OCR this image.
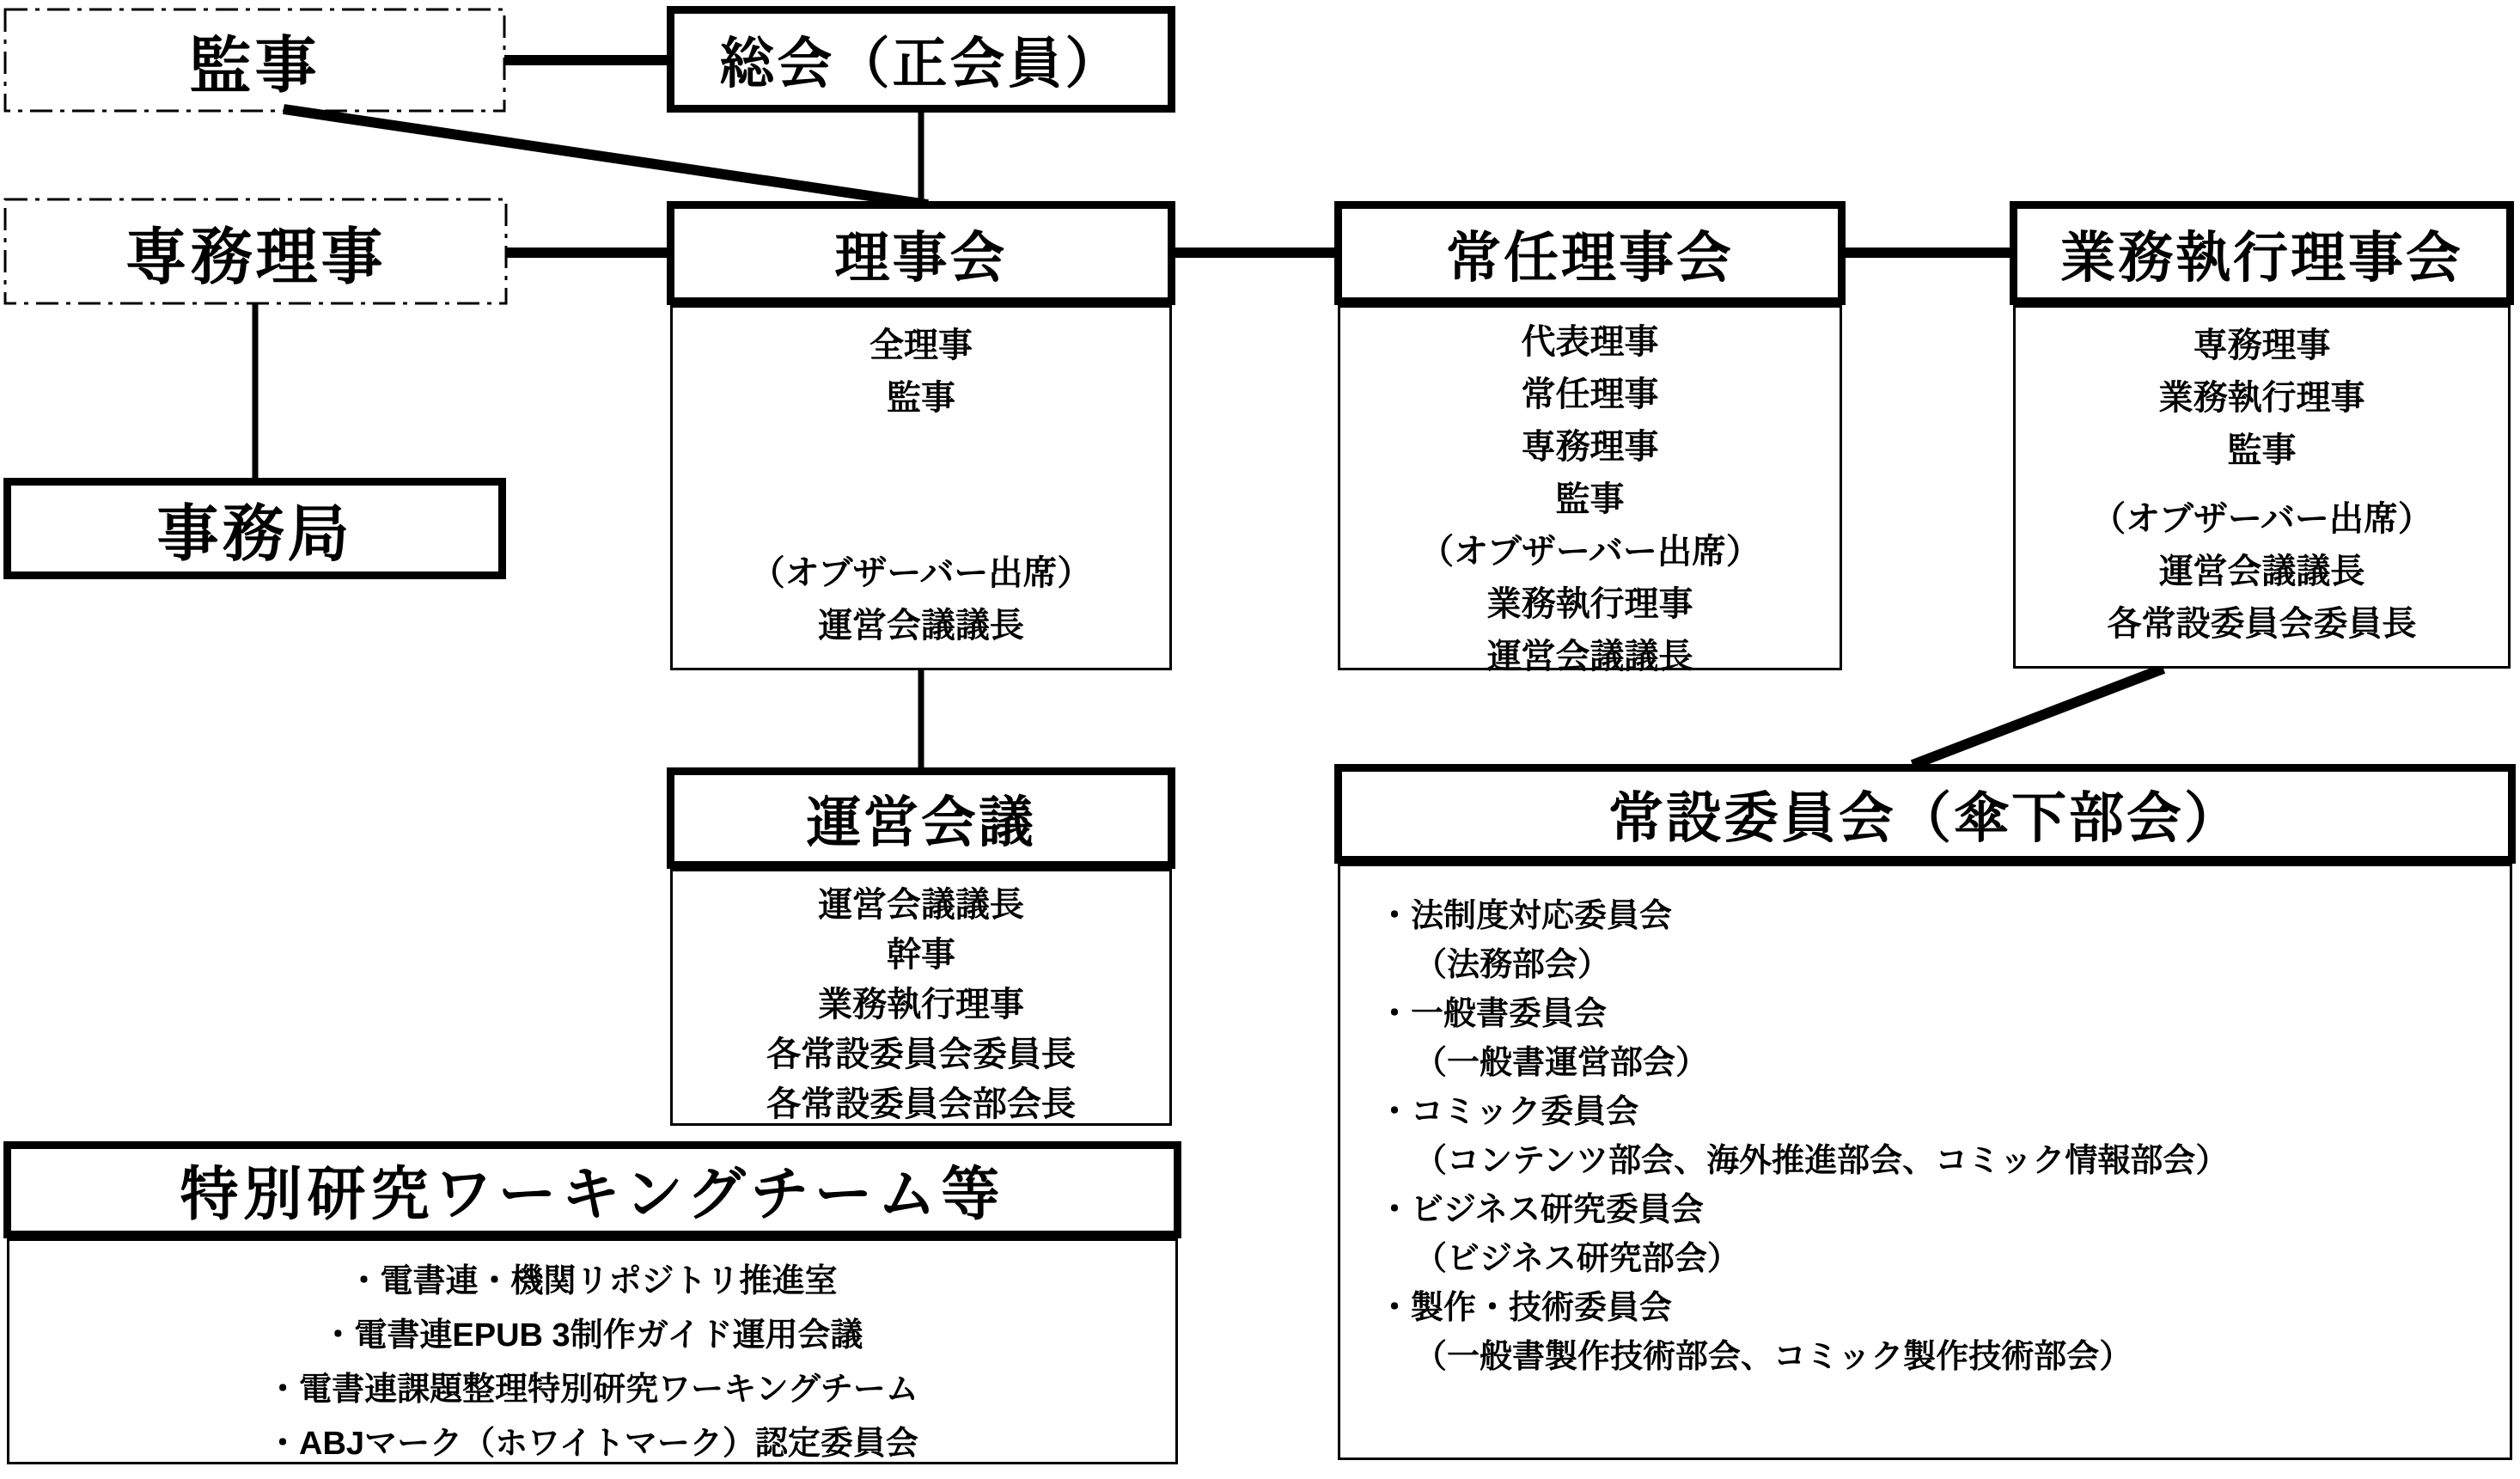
監事	総会（正会員）
専務理事
事務局
理事会
全理事
監事
（オブザーバー出席）
運営会議議長
常任理事会
代表理事
常任理事
専務理事
監事
（オブザーバー出席）
業務執行理事
運営会議議長
業務執行理事会
専務理事
業務執行理事
監事
（オブザーバー出席）
運営会議議長
各常設委員会委員長
運営会議
運営会議議長
幹事
業務執行理事
各常設委員会委員長
各常設委員会部会長
特別研究ワーキングチーム等
・電書連・機関リポジトリ推進室
・電書連EPUB 3制作ガイド運用会議
・電書連課題整理特別研究ワーキングチーム
・ABJマーク（ホワイトマーク）認定委員会
常設委員会（傘下部会）
・法制度対応委員会
（法務部会）
・一般書委員会
（一般書運営部会）
・コミック委員会
（コンテンツ部会、海外推進部会、コミック情報部会）
・ビジネス研究委員会
（ビジネス研究部会）
・製作・技術委員会
（一般書製作技術部会、コミック製作技術部会）
